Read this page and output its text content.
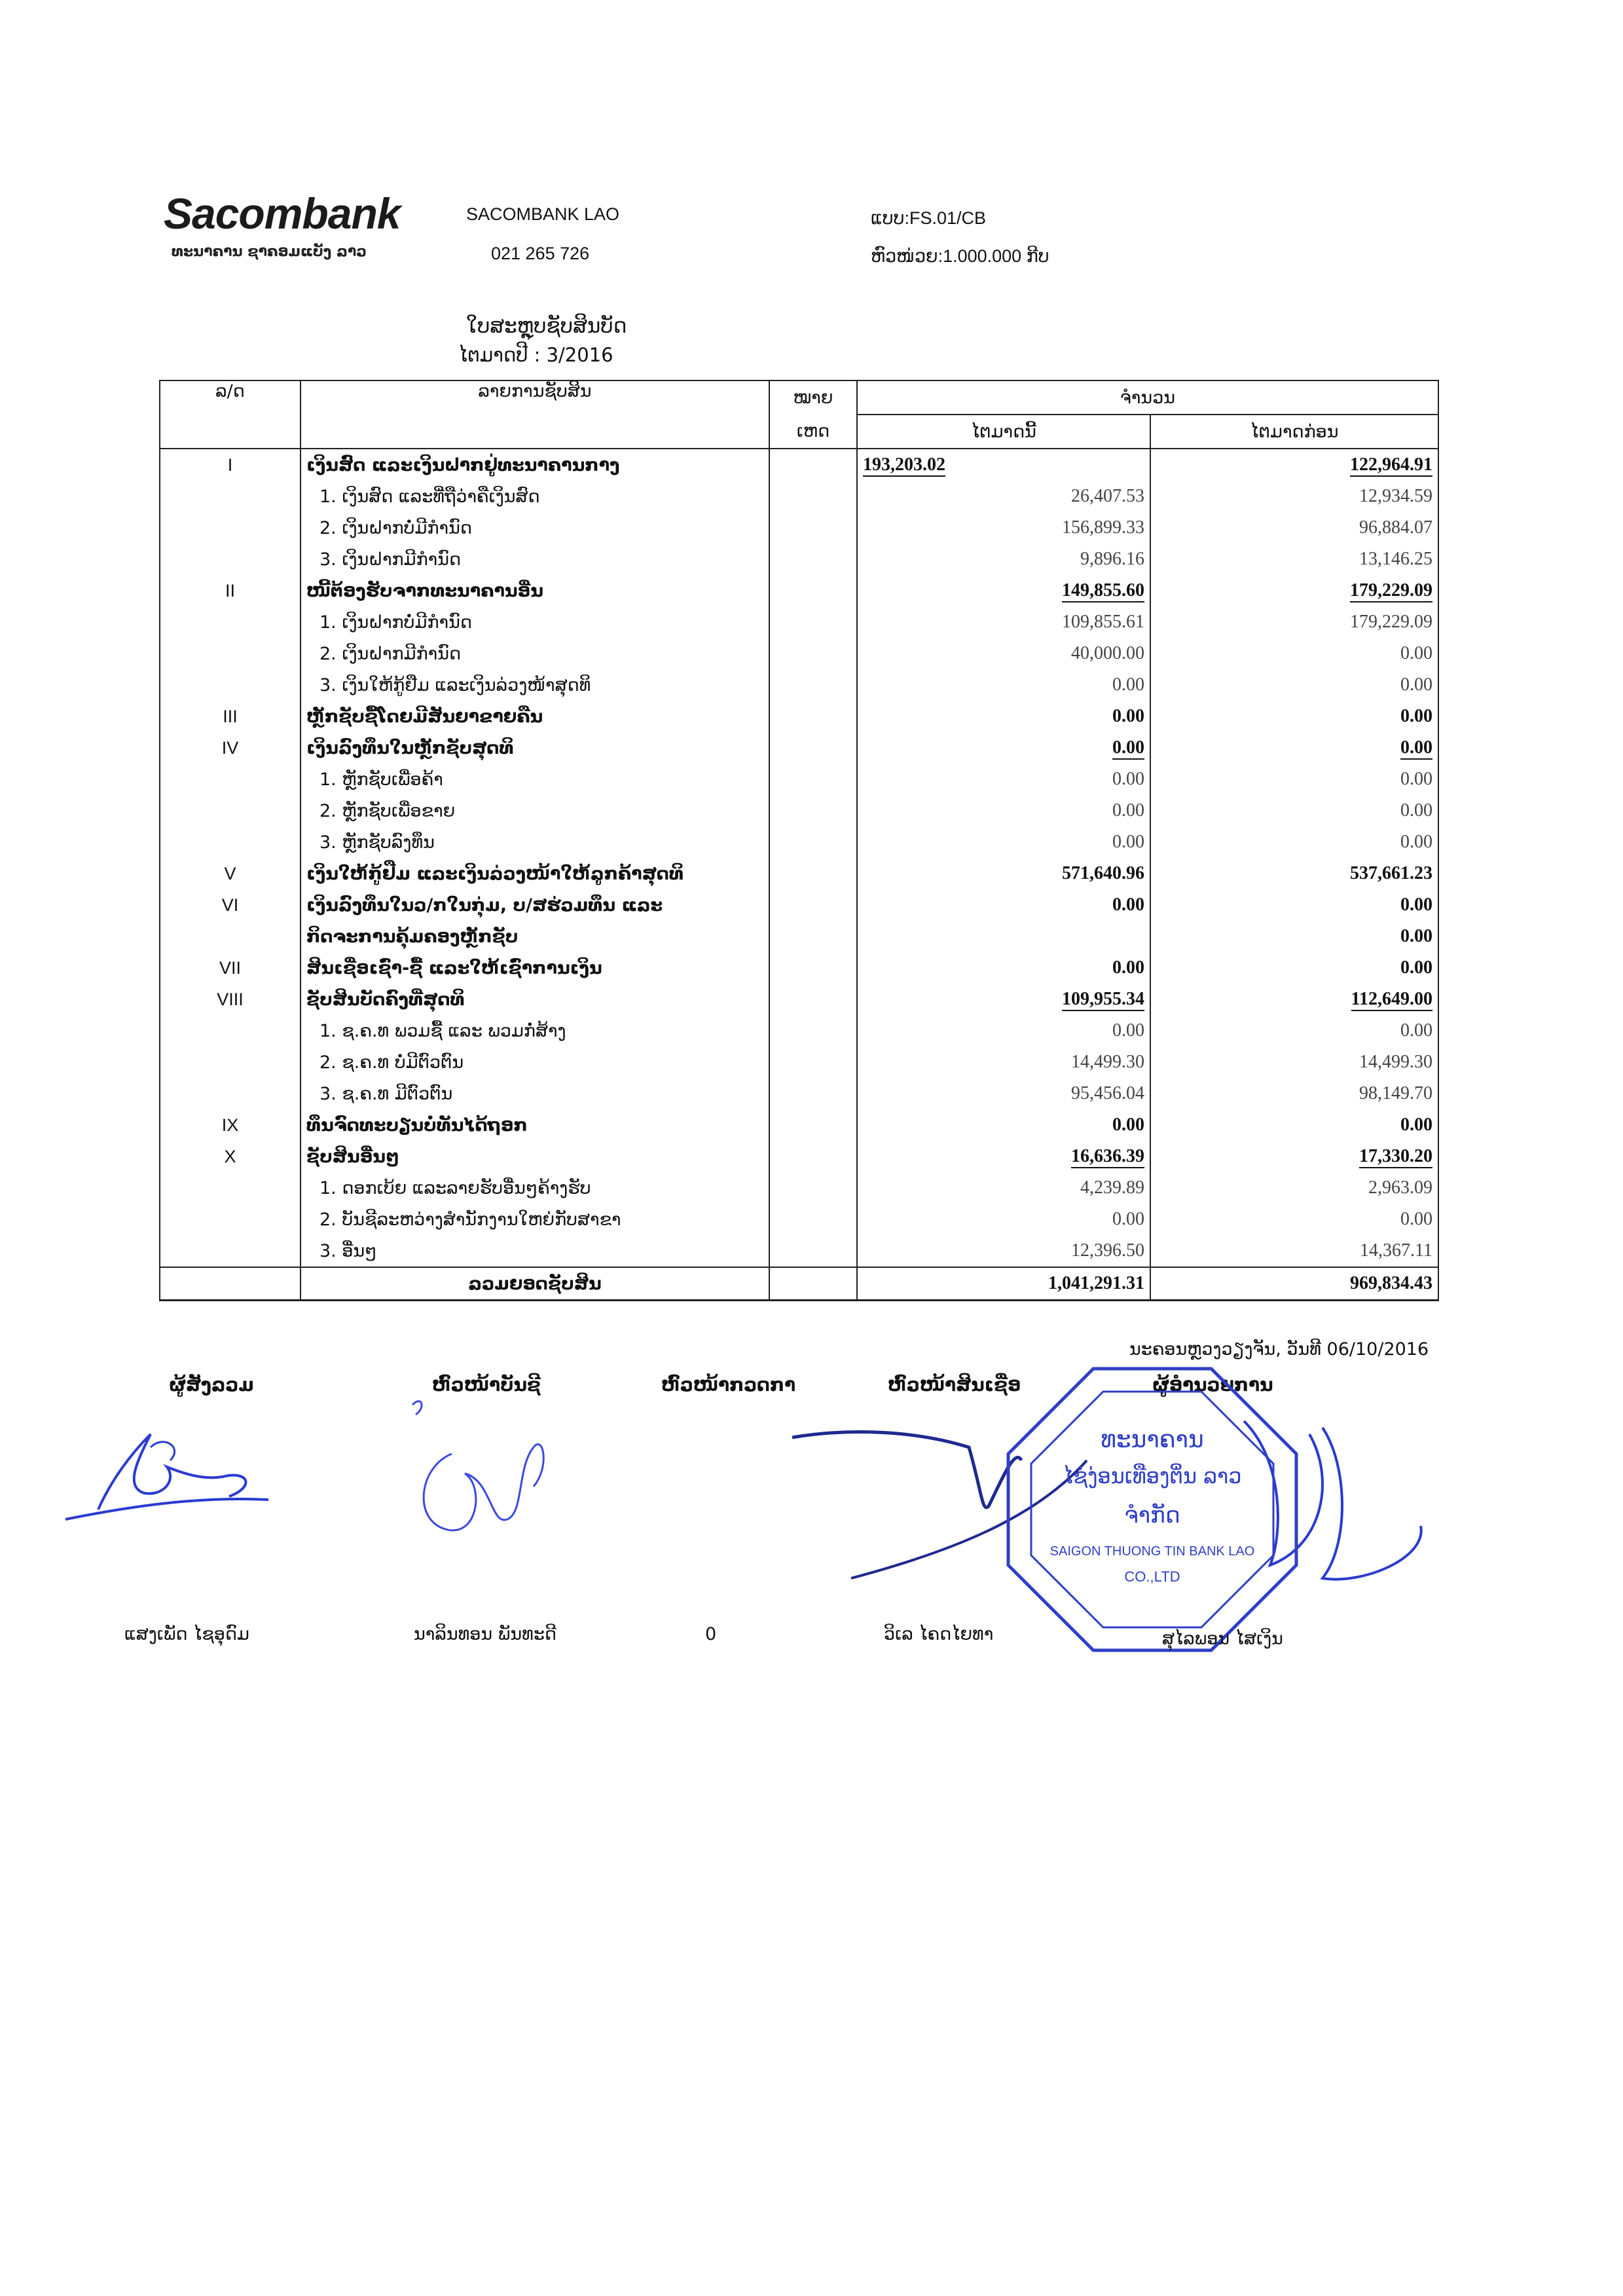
Sacombank
ທະນາຄານ ຊາຄອມແບັງ ລາວ
SACOMBANK LAO
021 265 726
ແບບ:FS.01/CB
ຫົວໜ່ວຍ:1.000.000 ກີບ
ໃບສະຫຼຸບຊັບສິນບັດ
ໄຕມາດປີ : 3/2016
ລ/ດ	ລາຍການຊັບສິນ	ໝາຍ	ຈຳນວນ	
		ເຫດ	ໄຕມາດນີ້	ໄຕມາດກ່ອນ
I	ເງິນສົດ ແລະເງິນຝາກຢູ່ທະນາຄານກາງ		193,203.02	122,964.91
	1. ເງິນສົດ ແລະທີ່ຖືວ່າຄືເງິນສົດ		26,407.53	12,934.59
	2. ເງິນຝາກບໍ່ມີກຳນົດ		156,899.33	96,884.07
	3. ເງິນຝາກມີກຳນົດ		9,896.16	13,146.25
II	ໜີ້ຕ້ອງຮັບຈາກທະນາຄານອື່ນ		149,855.60	179,229.09
	1. ເງິນຝາກບໍ່ມີກຳນົດ		109,855.61	179,229.09
	2. ເງິນຝາກມີກຳນົດ		40,000.00	0.00
	3. ເງິນໃຫ້ກູ້ຢືມ ແລະເງິນລ່ວງໜ້າສຸດທິ		0.00	0.00
III	ຫຼັກຊັບຊື້ໂດຍມີສັນຍາຂາຍຄືນ		0.00	0.00
IV	ເງິນລົງທຶນໃນຫຼັກຊັບສຸດທິ		0.00	0.00
	1. ຫຼັກຊັບເພື່ອຄ້າ		0.00	0.00
	2. ຫຼັກຊັບເພື່ອຂາຍ		0.00	0.00
	3. ຫຼັກຊັບລົງທຶນ		0.00	0.00
V	ເງິນໃຫ້ກູ້ຢືມ ແລະເງິນລ່ວງໜ້າໃຫ້ລູກຄ້າສຸດທິ		571,640.96	537,661.23
VI	ເງິນລົງທຶນໃນວ/ກໃນກຸ່ມ, ບ/ສຮ່ວມທຶນ ແລະ		0.00	0.00
	ກິດຈະການຄຸ້ມຄອງຫຼັກຊັບ			0.00
VII	ສິນເຊື່ອເຊົ່າ-ຊື້ ແລະໃຫ້ເຊົ່າການເງິນ		0.00	0.00
VIII	ຊັບສິນບັດຄົງທີ່ສຸດທິ		109,955.34	112,649.00
	1. ຊ.ຄ.ທ ພວມຊື້ ແລະ ພວມກໍ່ສ້າງ		0.00	0.00
	2. ຊ.ຄ.ທ ບໍ່ມີຕົວຕົນ		14,499.30	14,499.30
	3. ຊ.ຄ.ທ ມີຕົວຕົນ		95,456.04	98,149.70
IX	ທຶນຈົດທະບຽນບໍ່ທັນໄດ້ຖອກ		0.00	0.00
X	ຊັບສິນອື່ນໆ		16,636.39	17,330.20
	1. ດອກເບ້ຍ ແລະລາຍຮັບອື່ນໆຄ້າງຮັບ		4,239.89	2,963.09
	2. ບັນຊີລະຫວ່າງສຳນັກງານໃຫຍ່ກັບສາຂາ		0.00	0.00
	3. ອື່ນໆ		12,396.50	14,367.11
	ລວມຍອດຊັບສິນ		1,041,291.31	969,834.43
ນະຄອນຫຼວງວຽງຈັນ, ວັນທີ 06/10/2016
ຜູ້ສັງລວມ	ຫົວໜ້າບັນຊີ	ຫົວໜ້າກວດກາ	ຫົວໜ້າສິນເຊື່ອ	ຜູ້ອຳນວຍການ
ທະນາຄານ
ໄຊ່ງ່ອນເທືອງຕິ່ນ ລາວ
ຈຳກັດ
SAIGON THUONG TIN BANK LAO
CO.,LTD
ແສງເພັດ ໄຊອຸດົມ	ນາລິນທອນ ພັນທະດີ	0	ວິເລ ໄຄດໄຍທາ	ສຸໄລພອນ ໄສເງິນ
